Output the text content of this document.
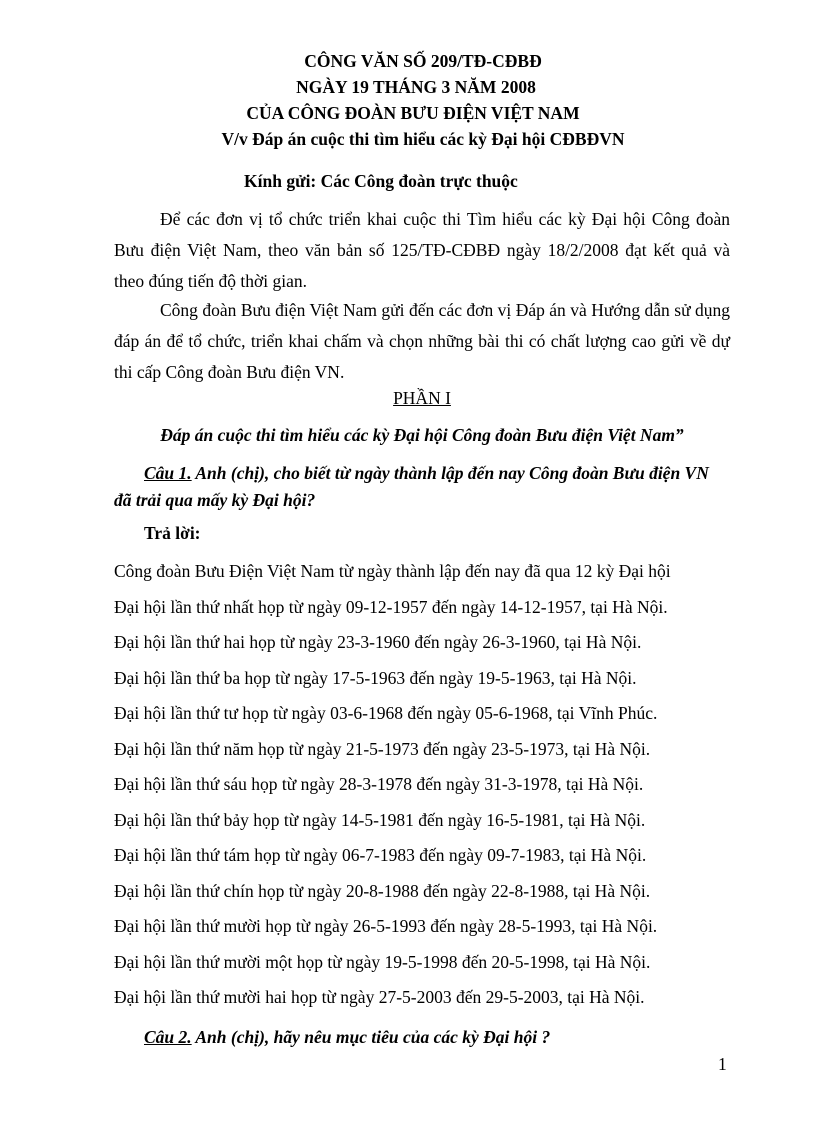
CÔNG VĂN SỐ 209/TĐ-CĐBĐ

NGÀY 19 THÁNG 3 NĂM 2008

CỦA CÔNG ĐOÀN BƯU ĐIỆN VIỆT NAM

V/v Đáp án cuộc thi tìm hiểu các kỳ Đại hội CĐBĐVN

Kính gửi: Các Công đoàn trực thuộc

Để các đơn vị tổ chức triển khai cuộc thi Tìm hiểu các kỳ Đại hội Công đoàn Bưu điện Việt Nam, theo văn bản số 125/TĐ-CĐBĐ ngày 18/2/2008 đạt kết quả và theo đúng tiến độ thời gian.

Công đoàn Bưu điện Việt Nam gửi đến các đơn vị Đáp án và Hướng dẫn sử dụng đáp án để tổ chức, triển khai chấm và chọn những bài thi có chất lượng cao gửi về dự thi cấp Công đoàn Bưu điện VN.

PHẦN I

Đáp án cuộc thi tìm hiểu các kỳ Đại hội Công đoàn Bưu điện Việt Nam”

Câu 1. Anh (chị), cho biết từ ngày thành lập đến nay Công đoàn Bưu điện VN đã trải qua mấy kỳ Đại hội?

Trả lời:

Công đoàn Bưu Điện Việt Nam từ ngày thành lập đến nay đã qua 12 kỳ Đại hội
Đại hội lần thứ nhất họp từ ngày 09-12-1957 đến ngày 14-12-1957, tại Hà Nội.
Đại hội lần thứ hai họp từ ngày 23-3-1960 đến ngày 26-3-1960, tại Hà Nội.
Đại hội lần thứ ba họp từ ngày 17-5-1963 đến ngày 19-5-1963, tại Hà Nội.
Đại hội lần thứ tư họp từ ngày 03-6-1968 đến ngày 05-6-1968, tại Vĩnh Phúc.
Đại hội lần thứ năm họp từ ngày 21-5-1973 đến ngày 23-5-1973, tại Hà Nội.
Đại hội lần thứ sáu họp từ ngày 28-3-1978 đến ngày 31-3-1978, tại Hà Nội.
Đại hội lần thứ bảy họp từ ngày 14-5-1981 đến ngày 16-5-1981, tại Hà Nội.
Đại hội lần thứ tám họp từ ngày 06-7-1983 đến ngày 09-7-1983, tại Hà Nội.
Đại hội lần thứ chín họp từ ngày 20-8-1988 đến ngày 22-8-1988, tại Hà Nội.
Đại hội lần thứ mười họp từ ngày 26-5-1993 đến ngày 28-5-1993, tại Hà Nội.
Đại hội lần thứ mười một họp từ ngày 19-5-1998 đến 20-5-1998, tại Hà Nội.
Đại hội lần thứ mười hai họp từ ngày 27-5-2003 đến 29-5-2003, tại Hà Nội.

Câu 2. Anh (chị), hãy nêu mục tiêu của các kỳ Đại hội ?

1
